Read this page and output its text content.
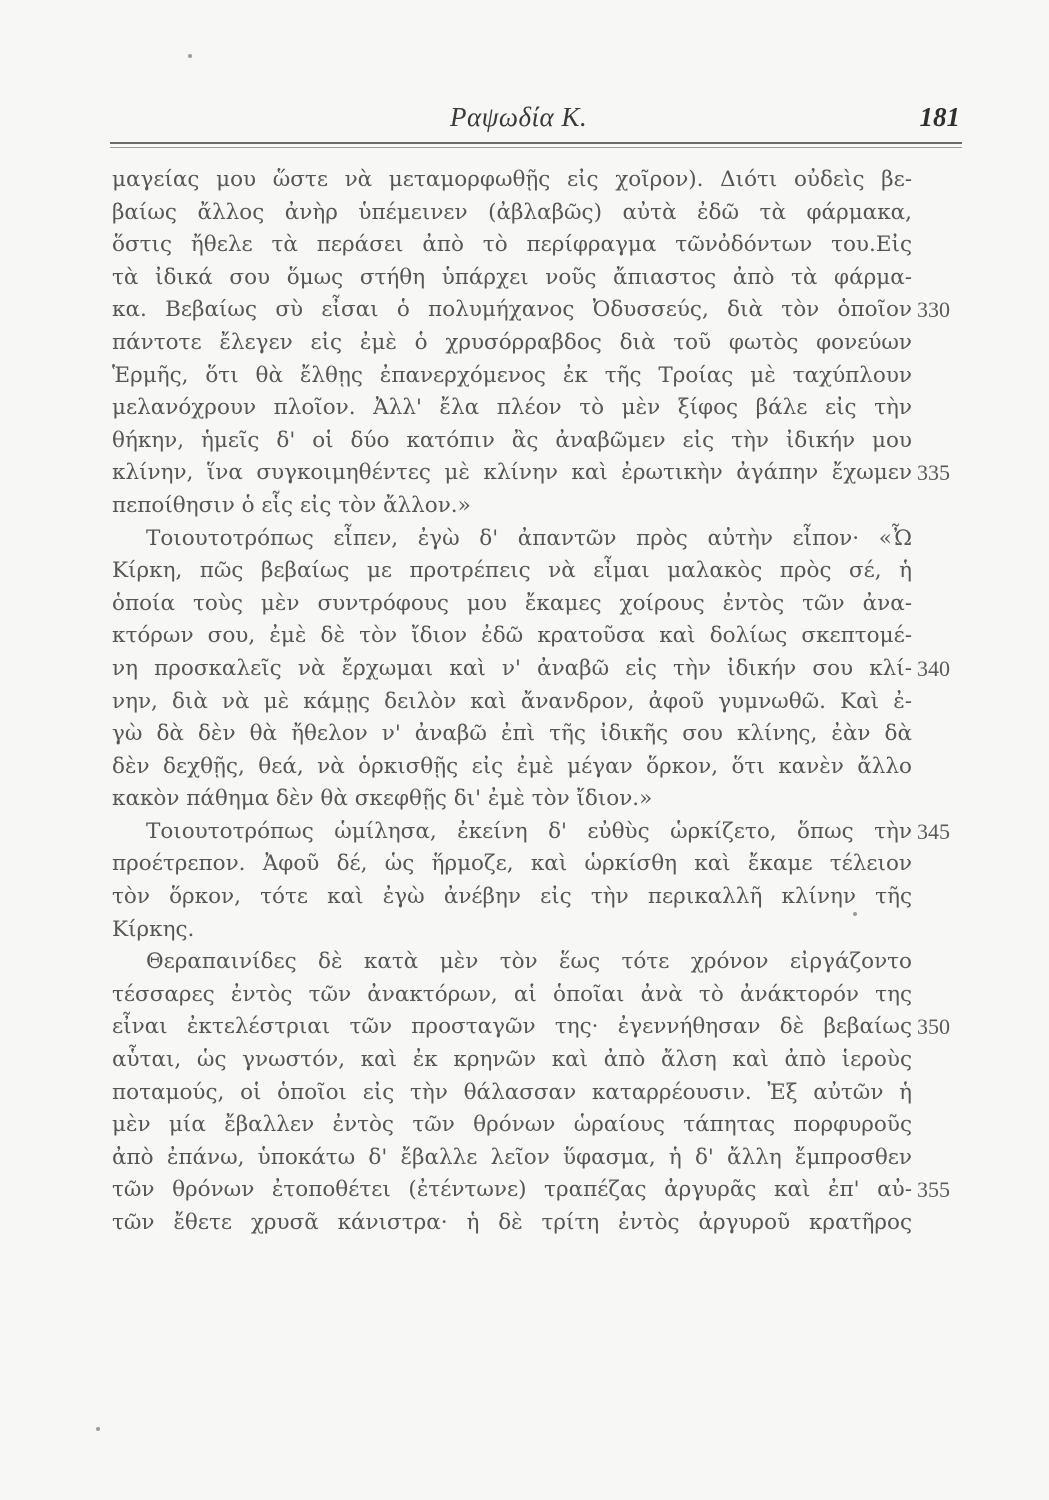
Ραψωδία Κ.	181
μαγείας μου ὥστε νὰ μεταμορφωθῇς εἰς χοῖρον). Διότι οὐδεὶς βε-
βαίως ἄλλος ἀνὴρ ὑπέμεινεν (ἀβλαβῶς) αὐτὰ ἐδῶ τὰ φάρμακα,
ὅστις ἤθελε τὰ περάσει ἀπὸ τὸ περίφραγμα τῶνὀδόντων του.Εἰς
τὰ ἰδικά σου ὅμως στήθη ὑπάρχει νοῦς ἄπιαστος ἀπὸ τὰ φάρμα-
κα. Βεβαίως σὺ εἶσαι ὁ πολυμήχανος Ὀδυσσεύς, διὰ τὸν ὁποῖον 330
πάντοτε ἔλεγεν εἰς ἐμὲ ὁ χρυσόρραβδος διὰ τοῦ φωτὸς φονεύων
Ἑρμῆς, ὅτι θὰ ἔλθῃς ἐπανερχόμενος ἐκ τῆς Τροίας μὲ ταχύπλουν
μελανόχρουν πλοῖον. Ἀλλ' ἔλα πλέον τὸ μὲν ξίφος βάλε εἰς τὴν
θήκην, ἡμεῖς δ' οἱ δύο κατόπιν ἂς ἀναβῶμεν εἰς τὴν ἰδικήν μου
κλίνην, ἵνα συγκοιμηθέντες μὲ κλίνην καὶ ἐρωτικὴν ἀγάπην ἔχωμεν 335
πεποίθησιν ὁ εἷς εἰς τὸν ἄλλον.»
Τοιουτοτρόπως εἶπεν, ἐγὼ δ' ἀπαντῶν πρὸς αὐτὴν εἶπον· «Ὦ
Κίρκη, πῶς βεβαίως με προτρέπεις νὰ εἶμαι μαλακὸς πρὸς σέ, ἡ
ὁποία τοὺς μὲν συντρόφους μου ἔκαμες χοίρους ἐντὸς τῶν ἀνα-
κτόρων σου, ἐμὲ δὲ τὸν ἴδιον ἐδῶ κρατοῦσα καὶ δολίως σκεπτομέ-
νη προσκαλεῖς νὰ ἔρχωμαι καὶ ν' ἀναβῶ εἰς τὴν ἰδικήν σου κλί- 340
νην, διὰ νὰ μὲ κάμῃς δειλὸν καὶ ἄνανδρον, ἀφοῦ γυμνωθῶ. Καὶ ἐ-
γὼ δὰ δὲν θὰ ἤθελον ν' ἀναβῶ ἐπὶ τῆς ἰδικῆς σου κλίνης, ἐὰν δὰ
δὲν δεχθῇς, θεά, νὰ ὁρκισθῇς εἰς ἐμὲ μέγαν ὅρκον, ὅτι κανὲν ἄλλο
κακὸν πάθημα δὲν θὰ σκεφθῇς δι' ἐμὲ τὸν ἴδιον.»
Τοιουτοτρόπως ὡμίλησα, ἐκείνη δ' εὐθὺς ὡρκίζετο, ὅπως τὴν 345
προέτρεπον. Ἀφοῦ δέ, ὡς ἥρμοζε, καὶ ὡρκίσθη καὶ ἔκαμε τέλειον
τὸν ὅρκον, τότε καὶ ἐγὼ ἀνέβην εἰς τὴν περικαλλῆ κλίνην τῆς
Κίρκης.
Θεραπαινίδες δὲ κατὰ μὲν τὸν ἕως τότε χρόνον εἰργάζοντο
τέσσαρες ἐντὸς τῶν ἀνακτόρων, αἱ ὁποῖαι ἀνὰ τὸ ἀνάκτορόν της
εἶναι ἐκτελέστριαι τῶν προσταγῶν της· ἐγεννήθησαν δὲ βεβαίως 350
αὗται, ὡς γνωστόν, καὶ ἐκ κρηνῶν καὶ ἀπὸ ἄλση καὶ ἀπὸ ἱεροὺς
ποταμούς, οἱ ὁποῖοι εἰς τὴν θάλασσαν καταρρέουσιν. Ἐξ αὐτῶν ἡ
μὲν μία ἔβαλλεν ἐντὸς τῶν θρόνων ὡραίους τάπητας πορφυροῦς
ἀπὸ ἐπάνω, ὑποκάτω δ' ἔβαλλε λεῖον ὕφασμα, ἡ δ' ἄλλη ἔμπροσθεν
τῶν θρόνων ἐτοποθέτει (ἐτέντωνε) τραπέζας ἀργυρᾶς καὶ ἐπ' αὐ- 355
τῶν ἔθετε χρυσᾶ κάνιστρα· ἡ δὲ τρίτη ἐντὸς ἀργυροῦ κρατῆρος
